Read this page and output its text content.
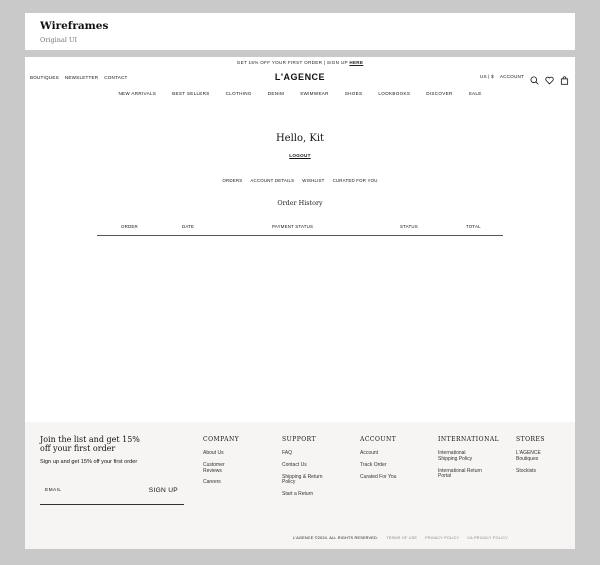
Wireframes
Original UI
GET 15% OFF YOUR FIRST ORDER | SIGN UP HERE
BOUTIQUES NEWSLETTER CONTACT	L'AGENCE	US | $ ACCOUNT
NEW ARRIVALS	BEST SELLERS	CLOTHING	DENIM	SWIMWEAR	SHOES	LOOKBOOKS	DISCOVER	SALE
Hello, Kit
LOGOUT
ORDERS ACCOUNT DETAILS WISHLIST CURATED FOR YOU
Order History
ORDER	DATE	PAYMENT STATUS	STATUS	TOTAL
Join the list and get 15% off your first order
Sign up and get 15% off your first order
EMAIL	SIGN UP
COMPANY
About Us
Customer Reviews
Careers
SUPPORT
FAQ
Contact Us
Shipping & Return Policy
Start a Return
ACCOUNT
Account
Track Order
Curated For You
INTERNATIONAL
International Shipping Policy
International Return Portal
STORES
L'AGENCE Boutiques
Stockists
L'AGENCE ©2024. ALL RIGHTS RESERVED. TERMS OF USE PRIVACY POLICY CA PRIVACY POLICY
